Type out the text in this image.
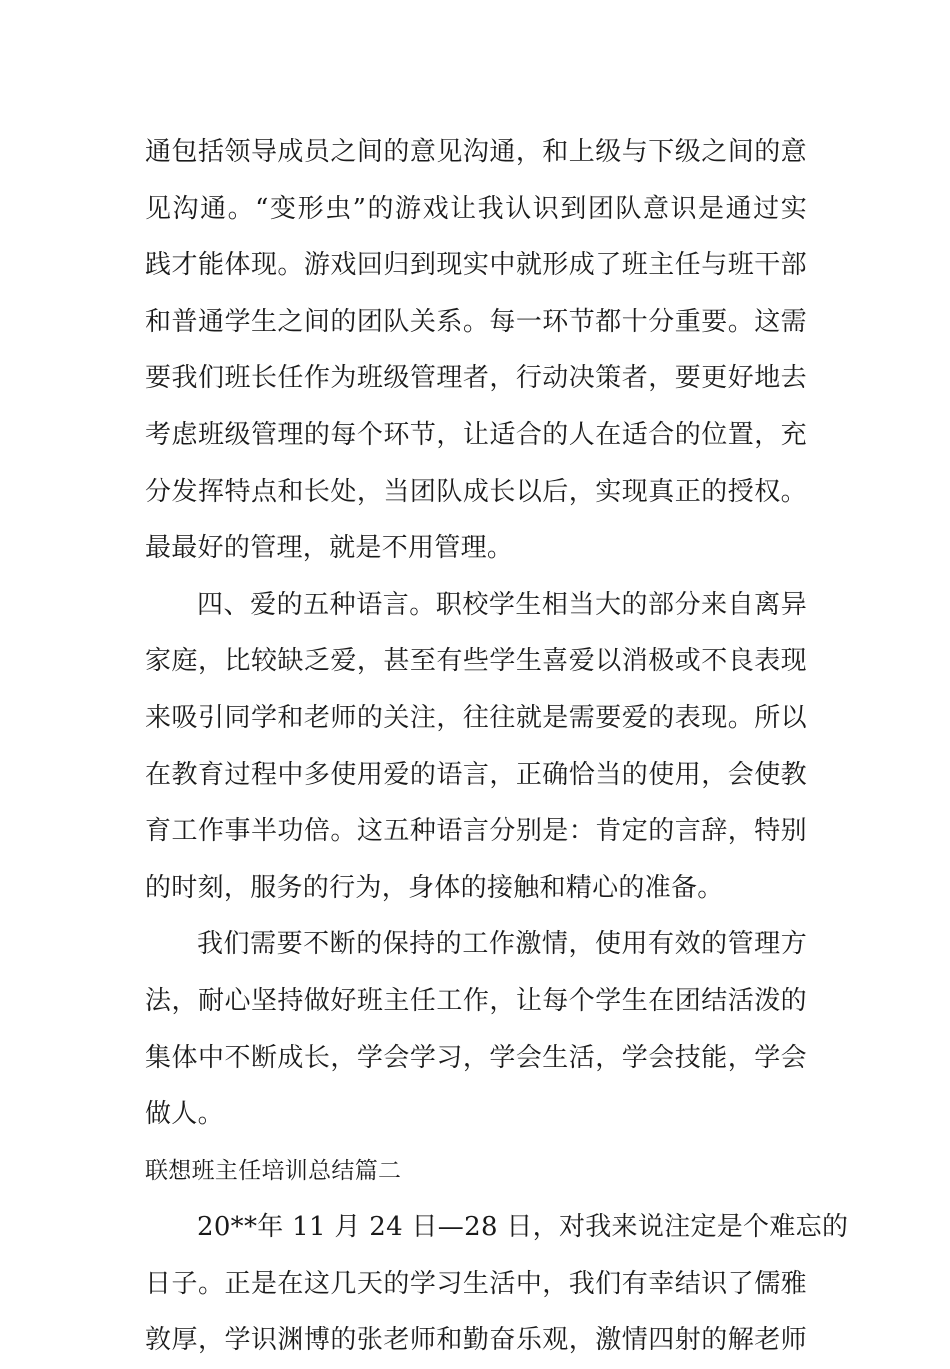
通包括领导成员之间的意见沟通，和上级与下级之间的意
见沟通。“变形虫”的游戏让我认识到团队意识是通过实
践才能体现。游戏回归到现实中就形成了班主任与班干部
和普通学生之间的团队关系。每一环节都十分重要。这需
要我们班长任作为班级管理者，行动决策者，要更好地去
考虑班级管理的每个环节，让适合的人在适合的位置，充
分发挥特点和长处，当团队成长以后，实现真正的授权。
最最好的管理，就是不用管理。
四、爱的五种语言。职校学生相当大的部分来自离异
家庭，比较缺乏爱，甚至有些学生喜爱以消极或不良表现
来吸引同学和老师的关注，往往就是需要爱的表现。所以
在教育过程中多使用爱的语言，正确恰当的使用，会使教
育工作事半功倍。这五种语言分别是：肯定的言辞，特别
的时刻，服务的行为，身体的接触和精心的准备。
我们需要不断的保持的工作激情，使用有效的管理方
法，耐心坚持做好班主任工作，让每个学生在团结活泼的
集体中不断成长，学会学习，学会生活，学会技能，学会
做人。
联想班主任培训总结篇二
20**年 11 月 24 日—28 日，对我来说注定是个难忘的
日子。正是在这几天的学习生活中，我们有幸结识了儒雅
敦厚，学识渊博的张老师和勤奋乐观，激情四射的解老师
